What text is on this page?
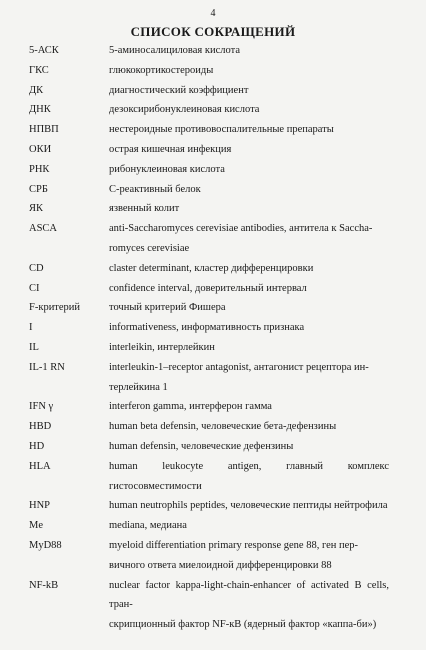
4
СПИСОК СОКРАЩЕНИЙ
5-АСК	5-аминосалициловая кислота
ГКС	глюкокортикостероиды
ДК	диагностический коэффициент
ДНК	дезоксирибонуклеиновая кислота
НПВП	нестероидные противовоспалительные препараты
ОКИ	острая кишечная инфекция
РНК	рибонуклеиновая кислота
СРБ	С-реактивный белок
ЯК	язвенный колит
ASCA	anti-Saccharomyces cerevisiae antibodies, антитела к Saccha-
romyces cerevisiae
CD	claster determinant, кластер дифференцировки
CI	confidence interval, доверительный интервал
F-критерий	точный критерий Фишера
I	informativeness, информативность признака
IL	interleikin, интерлейкин
IL-1 RN	interleukin-1–receptor antagonist, антагонист рецептора ин-
терлейкина 1
IFN γ	interferon gamma, интерферон гамма
HBD	human beta defensin, человеческие бета-дефензины
HD	human defensin, человеческие дефензины
HLA	human leukocyte antigen, главный комплекс гистосовместимости
HNP	human neutrophils peptides, человеческие пептиды нейтрофила
Me	mediana, медиана
MyD88	myeloid differentiation primary response gene 88, ген пер-
вичного ответа миелоидной дифференцировки 88
NF-kB	nuclear factor kappa-light-chain-enhancer of activated B cells, тран-
скрипционный фактор NF-кB (ядерный фактор «каппа-би»)
